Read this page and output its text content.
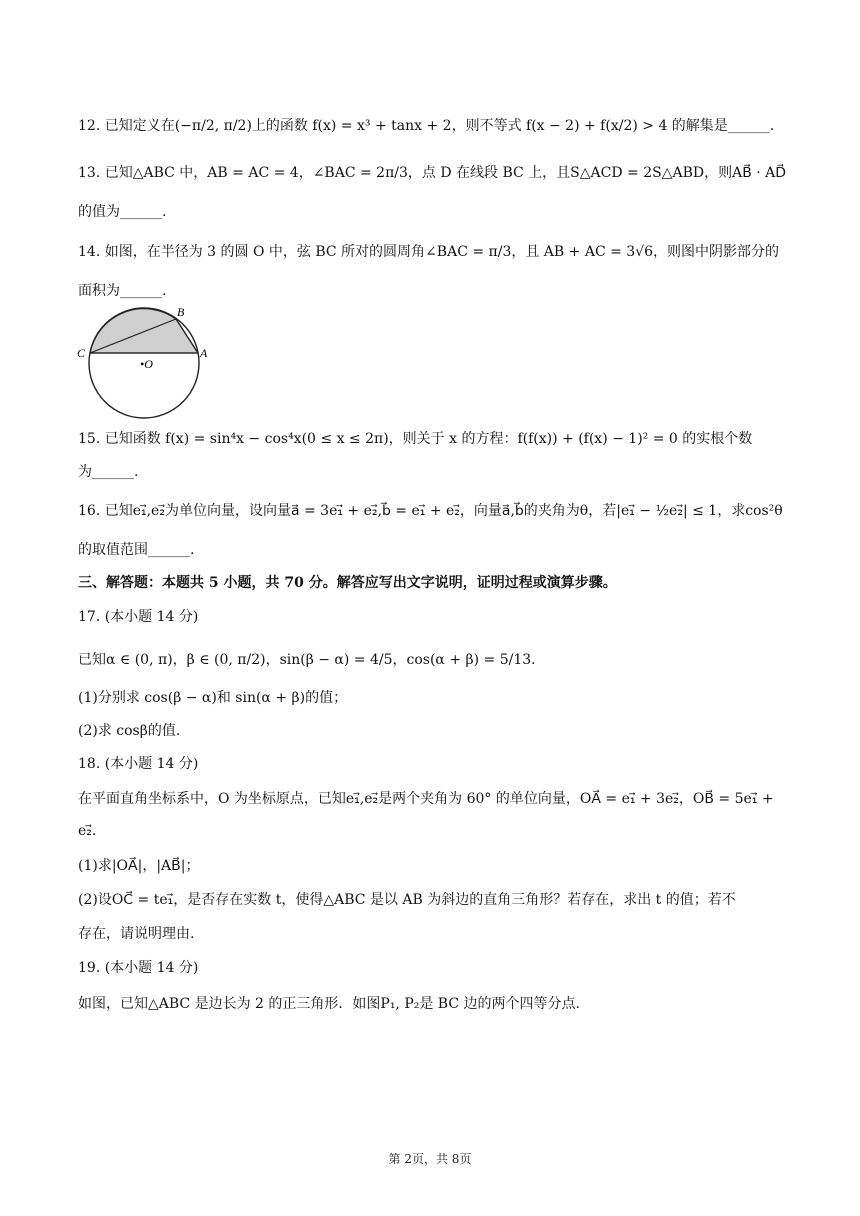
12. 已知定义在(−π/2, π/2)上的函数 f(x) = x³ + tanx + 2，则不等式 f(x − 2) + f(x/2) > 4 的解集是______.
13. 已知△ABC 中，AB = AC = 4，∠BAC = 2π/3，点 D 在线段 BC 上，且S△ACD = 2S△ABD，则AB⃗ · AD⃗
的值为______.
14. 如图，在半径为 3 的圆 O 中，弦 BC 所对的圆周角∠BAC = π/3，且 AB + AC = 3√6，则图中阴影部分的
面积为______.
B
C	A
•O
15. 已知函数 f(x) = sin⁴x − cos⁴x(0 ≤ x ≤ 2π)，则关于 x 的方程：f(f(x)) + (f(x) − 1)² = 0 的实根个数
为______.
16. 已知e₁⃗,e₂⃗为单位向量，设向量a⃗ = 3e₁⃗ + e₂⃗,b⃗ = e₁⃗ + e₂⃗，向量a⃗,b⃗的夹角为θ，若|e₁⃗ − ½e₂⃗| ≤ 1，求cos²θ
的取值范围______.
三、解答题：本题共 5 小题，共 70 分。解答应写出文字说明，证明过程或演算步骤。
17. (本小题 14 分)
已知α ∈ (0, π)，β ∈ (0, π/2)，sin(β − α) = 4/5，cos(α + β) = 5/13.
(1)分别求 cos(β − α)和 sin(α + β)的值；
(2)求 cosβ的值.
18. (本小题 14 分)
在平面直角坐标系中，O 为坐标原点，已知e₁⃗,e₂⃗是两个夹角为 60° 的单位向量，OA⃗ = e₁⃗ + 3e₂⃗，OB⃗ = 5e₁⃗ +
e₂⃗.
(1)求|OA⃗|，|AB⃗|；
(2)设OC⃗ = te₁⃗，是否存在实数 t，使得△ABC 是以 AB 为斜边的直角三角形？若存在，求出 t 的值；若不
存在，请说明理由.
19. (本小题 14 分)
如图，已知△ABC 是边长为 2 的正三角形．如图P₁, P₂是 BC 边的两个四等分点.
第 2页，共 8页
